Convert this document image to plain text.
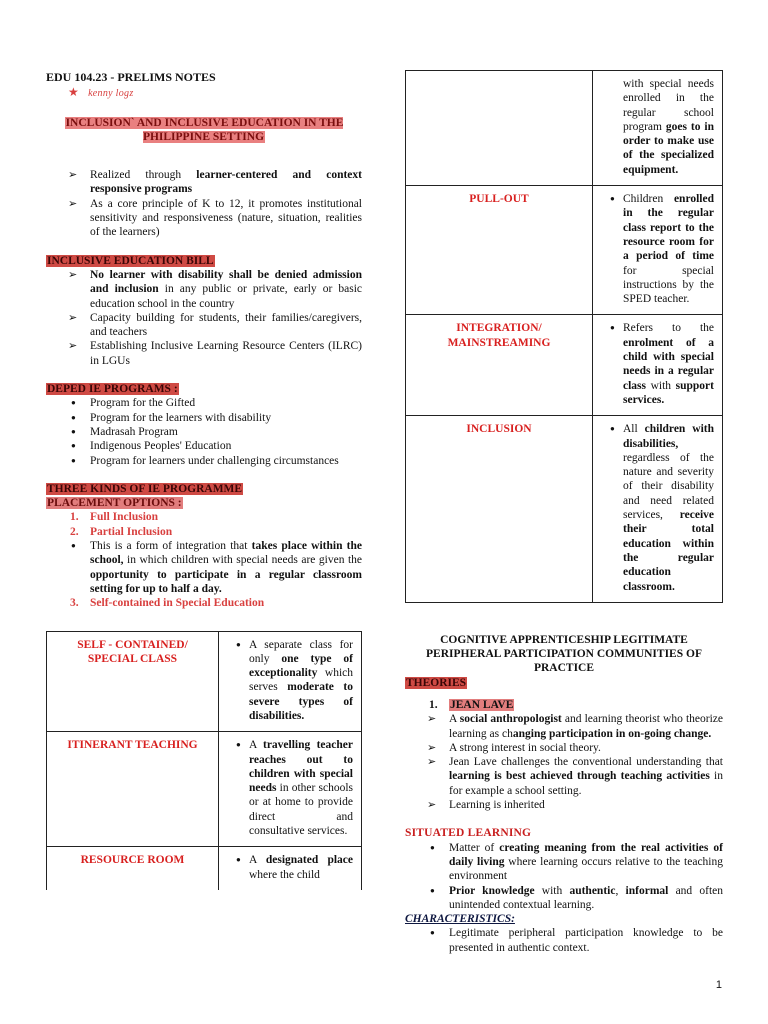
EDU 104.23 - PRELIMS NOTES
★ kenny logz
INCLUSION` AND INCLUSIVE EDUCATION IN THE PHILIPPINE SETTING
➢ Realized through learner-centered and context responsive programs
➢ As a core principle of K to 12, it promotes institutional sensitivity and responsiveness (nature, situation, realities of the learners)
INCLUSIVE EDUCATION BILL
➢ No learner with disability shall be denied admission and inclusion in any public or private, early or basic education school in the country
➢ Capacity building for students, their families/caregivers, and teachers
➢ Establishing Inclusive Learning Resource Centers (ILRC) in LGUs
DEPED IE PROGRAMS :
● Program for the Gifted
● Program for the learners with disability
● Madrasah Program
● Indigenous Peoples' Education
● Program for learners under challenging circumstances
THREE KINDS OF IE PROGRAMME
PLACEMENT OPTIONS :
1. Full Inclusion
2. Partial Inclusion
● This is a form of integration that takes place within the school, in which children with special needs are given the opportunity to participate in a regular classroom setting for up to half a day.
3. Self-contained in Special Education
SELF - CONTAINED/ SPECIAL CLASS	● A separate class for only one type of exceptionality which serves moderate to severe types of disabilities.
ITINERANT TEACHING	● A travelling teacher reaches out to children with special needs in other schools or at home to provide direct and consultative services.
RESOURCE ROOM	● A designated place where the child
	with special needs enrolled in the regular school program goes to in order to make use of the specialized equipment.
PULL-OUT	● Children enrolled in the regular class report to the resource room for a period of time for special instructions by the SPED teacher.
INTEGRATION/ MAINSTREAMING	● Refers to the enrolment of a child with special needs in a regular class with support services.
INCLUSION	● All children with disabilities, regardless of the nature and severity of their disability and need related services, receive their total education within the regular education classroom.
COGNITIVE APPRENTICESHIP LEGITIMATE PERIPHERAL PARTICIPATION COMMUNITIES OF PRACTICE
THEORIES
1. JEAN LAVE
➢ A social anthropologist and learning theorist who theorize learning as changing participation in on-going change.
➢ A strong interest in social theory.
➢ Jean Lave challenges the conventional understanding that learning is best achieved through teaching activities in for example a school setting.
➢ Learning is inherited
SITUATED LEARNING
● Matter of creating meaning from the real activities of daily living where learning occurs relative to the teaching environment
● Prior knowledge with authentic, informal and often unintended contextual learning.
CHARACTERISTICS:
● Legitimate peripheral participation knowledge to be presented in authentic context.
1
